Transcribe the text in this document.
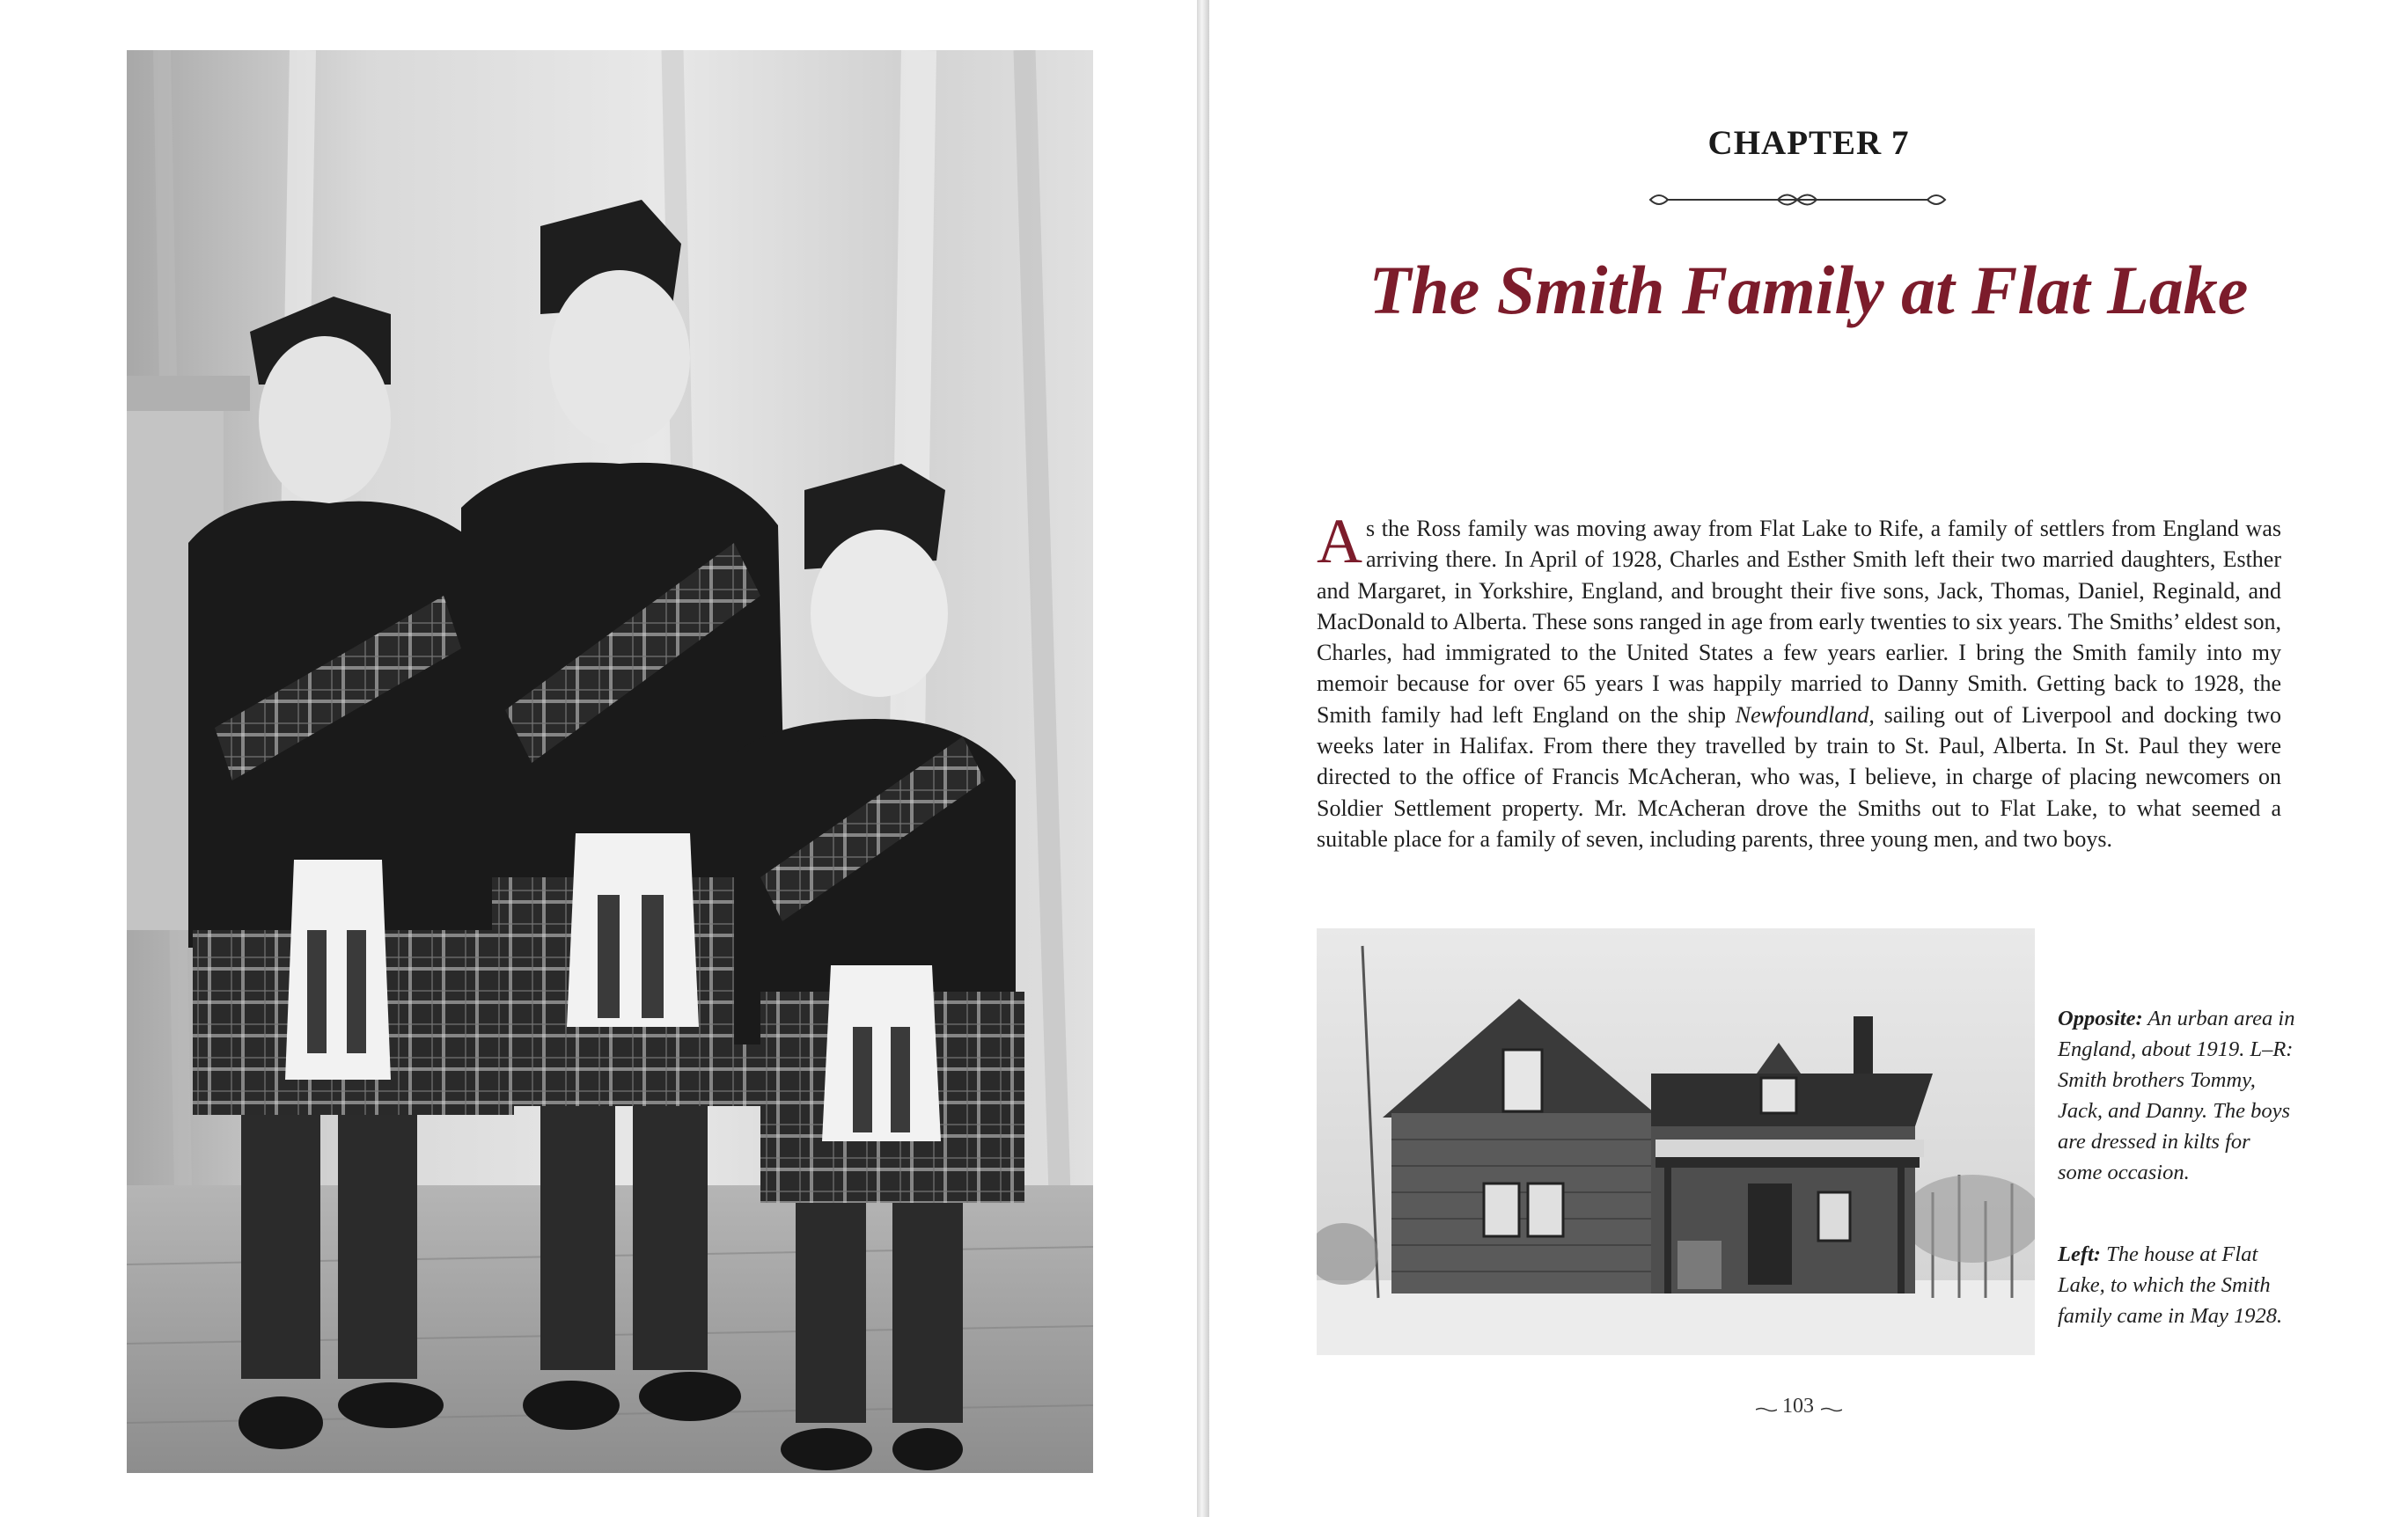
CHAPTER 7
The Smith Family at Flat Lake

As the Ross family was moving away from Flat Lake to Rife, a family of settlers from England was arriving there. In April of 1928, Charles and Esther Smith left their two married daughters, Esther and Margaret, in Yorkshire, England, and brought their five sons, Jack, Thomas, Daniel, Reginald, and MacDonald to Alberta. These sons ranged in age from early twenties to six years. The Smiths’ eldest son, Charles, had immigrated to the United States a few years earlier. I bring the Smith family into my memoir because for over 65 years I was happily married to Danny Smith. Getting back to 1928, the Smith family had left England on the ship Newfoundland, sailing out of Liverpool and docking two weeks later in Halifax. From there they travelled by train to St. Paul, Alberta. In St. Paul they were directed to the office of Francis McAcheran, who was, I believe, in charge of placing newcomers on Soldier Settlement property. Mr. McAcheran drove the Smiths out to Flat Lake, to what seemed a suitable place for a family of seven, including parents, three young men, and two boys.

Opposite: An urban area in England, about 1919. L–R: Smith brothers Tommy, Jack, and Danny. The boys are dressed in kilts for some occasion.

Left: The house at Flat Lake, to which the Smith family came in May 1928.

103
